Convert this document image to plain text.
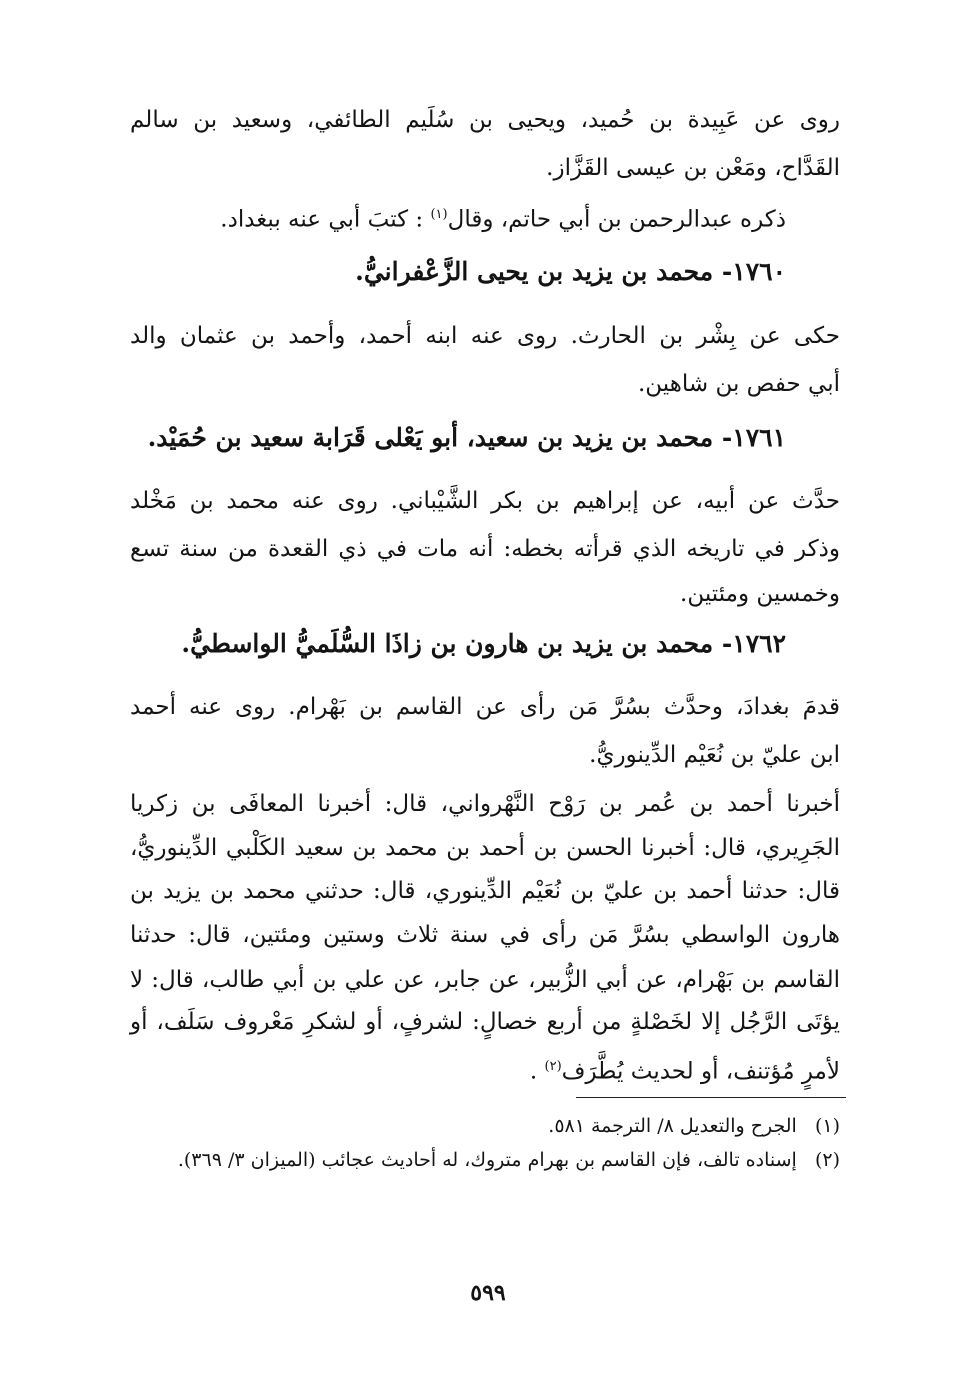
روى عن عَبِيدة بن حُميد، ويحيى بن سُلَيم الطائفي، وسعيد بن سالم
القَدَّاح، ومَعْن بن عيسى القَزَّاز.
ذكره عبدالرحمن بن أبي حاتم، وقال$^{(١)}$ : كتبَ أبي عنه ببغداد.
١٧٦٠- محمد بن يزيد بن يحيى الزَّعْفرانيُّ.
حكى عن بِشْر بن الحارث. روى عنه ابنه أحمد، وأحمد بن عثمان والد
أبي حفص بن شاهين.
١٧٦١- محمد بن يزيد بن سعيد، أبو يَعْلى قَرَابة سعيد بن حُمَيْد.
حدَّث عن أبيه، عن إبراهيم بن بكر الشَّيْباني. روى عنه محمد بن مَخْلد
وذكر في تاريخه الذي قرأته بخطه: أنه مات في ذي القعدة من سنة تسع
وخمسين ومئتين.
١٧٦٢- محمد بن يزيد بن هارون بن زاذَا السُّلَميُّ الواسطيُّ.
قدمَ بغدادَ، وحدَّث بسُرَّ مَن رأى عن القاسم بن بَهْرام. روى عنه أحمد
ابن عليّ بن نُعَيْم الدِّينوريُّ.
أخبرنا أحمد بن عُمر بن رَوْح النَّهْرواني، قال: أخبرنا المعافَى بن زكريا
الجَرِيري، قال: أخبرنا الحسن بن أحمد بن محمد بن سعيد الكَلْبي الدِّينوريُّ،
قال: حدثنا أحمد بن عليّ بن نُعَيْم الدِّينوري، قال: حدثني محمد بن يزيد بن
هارون الواسطي بسُرَّ مَن رأى في سنة ثلاث وستين ومئتين، قال: حدثنا
القاسم بن بَهْرام، عن أبي الزُّبير، عن جابر، عن علي بن أبي طالب، قال: لا
يؤتَى الرَّجُل إلا لخَصْلةٍ من أربع خصالٍ: لشرفٍ، أو لشكرِ مَعْروف سَلَف، أو
لأمرٍ مُؤتنف، أو لحديث يُطَّرَف$^{(٢)}$ .
(١)   الجرح والتعديل ٨/ الترجمة ٥٨١.
(٢)   إسناده تالف، فإن القاسم بن بهرام متروك، له أحاديث عجائب (الميزان ٣/ ٣٦٩).
٥٩٩
